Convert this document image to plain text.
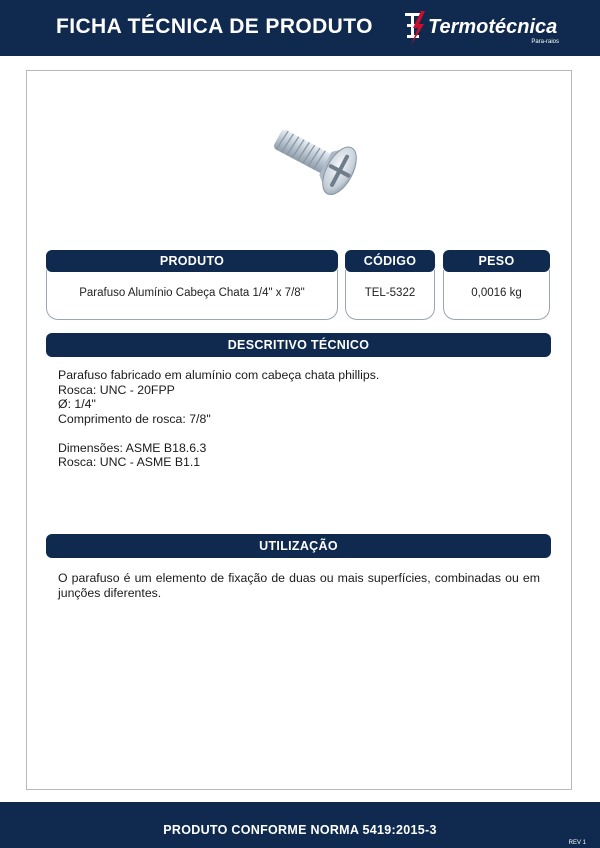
FICHA TÉCNICA DE PRODUTO	Termotécnica
Para-raios
PRODUTO	CÓDIGO	PESO
Parafuso Alumínio Cabeça Chata 1/4" x 7/8"	TEL-5322	0,0016 kg
DESCRITIVO TÉCNICO
Parafuso fabricado em alumínio com cabeça chata phillips.
Rosca: UNC - 20FPP
Ø: 1/4"
Comprimento de rosca: 7/8"
Dimensões: ASME B18.6.3
Rosca: UNC - ASME B1.1
UTILIZAÇÃO
O parafuso é um elemento de fixação de duas ou mais superfícies, combinadas ou em junções diferentes.
PRODUTO CONFORME NORMA 5419:2015-3
REV 1
